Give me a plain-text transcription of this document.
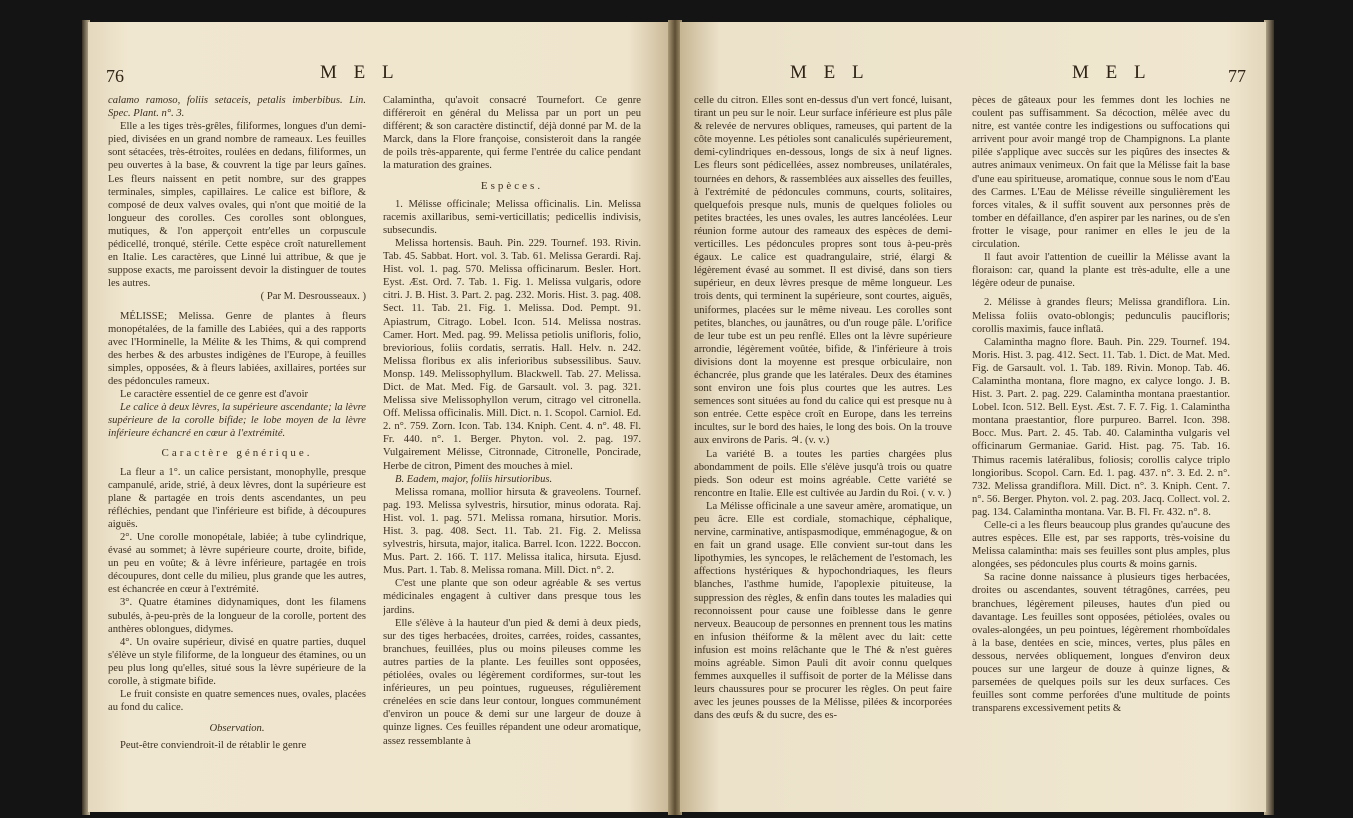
76	M E L

calamo ramoso, foliis setaceis, petalis imberbibus. Lin. Spec. Plant. n°. 3.

Elle a les tiges très-grêles, filiformes, longues d'un demi-pied, divisées en un grand nombre de rameaux. Les feuilles sont sétacées, très-étroites, roulées en dedans, filiformes, un peu ouvertes à la base, & couvrent la tige par leurs gaînes. Les fleurs naissent en petit nombre, sur des grappes terminales, simples, capillaires. Le calice est biflore, & composé de deux valves ovales, qui n'ont que moitié de la longueur des corolles. Ces corolles sont oblongues, mutiques, & l'on apperçoit entr'elles un corpuscule pédicellé, tronqué, stérile. Cette espèce croît naturellement en Italie. Les caractères, que Linné lui attribue, & que je suppose exacts, me paroissent devoir la distinguer de toutes les autres.

( Par M. Desrousseaux. )

MÉLISSE; Melissa. Genre de plantes à fleurs monopétalées, de la famille des Labiées, qui a des rapports avec l'Horminelle, la Mélite & les Thims, & qui comprend des herbes & des arbustes indigènes de l'Europe, à feuilles simples, opposées, & à fleurs labiées, axillaires, portées sur des pédoncules rameux.

Le caractère essentiel de ce genre est d'avoir

Le calice à deux lèvres, la supérieure ascendante; la lèvre supérieure de la corolle bifide; le lobe moyen de la lèvre inférieure échancré en cœur à l'extrémité.

Caractère générique.

La fleur a 1°. un calice persistant, monophylle, presque campanulé, aride, strié, à deux lèvres, dont la supérieure est plane & partagée en trois dents ascendantes, un peu réfléchies, pendant que l'inférieure est bifide, à découpures aiguës.

2°. Une corolle monopétale, labiée; à tube cylindrique, évasé au sommet; à lèvre supérieure courte, droite, bifide, un peu en voûte; & à lèvre inférieure, partagée en trois découpures, dont celle du milieu, plus grande que les autres, est échancrée en cœur à l'extrémité.

3°. Quatre étamines didynamiques, dont les filamens subulés, à-peu-près de la longueur de la corolle, portent des anthères oblongues, didymes.

4°. Un ovaire supérieur, divisé en quatre parties, duquel s'élève un style filiforme, de la longueur des étamines, ou un peu plus long qu'elles, situé sous la lèvre supérieure de la corolle, à stigmate bifide.

Le fruit consiste en quatre semences nues, ovales, placées au fond du calice.

Observation.

Peut-être conviendroit-il de rétablir le genre

Calamintha, qu'avoit consacré Tournefort. Ce genre différeroit en général du Melissa par un port un peu différent; & son caractère distinctif, déjà donné par M. de la Marck, dans la Flore françoise, consisteroit dans la rangée de poils très-apparente, qui ferme l'entrée du calice pendant la maturation des graines.

Espèces.

1. Mélisse officinale; Melissa officinalis. Lin. Melissa racemis axillaribus, semi-verticillatis; pedicellis indivisis, subsecundis.

Melissa hortensis. Bauh. Pin. 229. Tournef. 193. Rivin. Tab. 45. Sabbat. Hort. vol. 3. Tab. 61. Melissa Gerardi. Raj. Hist. vol. 1. pag. 570. Melissa officinarum. Besler. Hort. Eyst. Æst. Ord. 7. Tab. 1. Fig. 1. Melissa vulgaris, odore citri. J. B. Hist. 3. Part. 2. pag. 232. Moris. Hist. 3. pag. 408. Sect. 11. Tab. 21. Fig. 1. Melissa. Dod. Pempt. 91. Apiastrum, Citrago. Lobel. Icon. 514. Melissa nostras. Camer. Hort. Med. pag. 99. Melissa petiolis unifloris, folio, breviorious, foliis cordatis, serratis. Hall. Helv. n. 242. Melissa floribus ex alis inferioribus subsessilibus. Sauv. Monsp. 149. Melissophyllum. Blackwell. Tab. 27. Melissa. Dict. de Mat. Med. Fig. de Garsault. vol. 3. pag. 321. Melissa sive Melissophyllon verum, citrago vel citronella. Off. Melissa officinalis. Mill. Dict. n. 1. Scopol. Carniol. Ed. 2. n°. 759. Zorn. Icon. Tab. 134. Kniph. Cent. 4. n°. 48. Fl. Fr. 440. n°. 1. Berger. Phyton. vol. 2. pag. 197. Vulgairement Mélisse, Citronnade, Citronelle, Poncirade, Herbe de citron, Piment des mouches à miel.

B. Eadem, major, foliis hirsutioribus.

Melissa romana, mollior hirsuta & graveolens. Tournef. pag. 193. Melissa sylvestris, hirsutior, minus odorata. Raj. Hist. vol. 1. pag. 571. Melissa romana, hirsutior. Moris. Hist. 3. pag. 408. Sect. 11. Tab. 21. Fig. 2. Melissa sylvestris, hirsuta, major, italica. Barrel. Icon. 1222. Boccon. Mus. Part. 2. 166. T. 117. Melissa italica, hirsuta. Ejusd. Mus. Part. 1. Tab. 8. Melissa romana. Mill. Dict. n°. 2.

C'est une plante que son odeur agréable & ses vertus médicinales engagent à cultiver dans presque tous les jardins.

Elle s'élève à la hauteur d'un pied & demi à deux pieds, sur des tiges herbacées, droites, carrées, roides, cassantes, branchues, feuillées, plus ou moins pileuses comme les autres parties de la plante. Les feuilles sont opposées, pétiolées, ovales ou légèrement cordiformes, sur-tout les inférieures, un peu pointues, rugueuses, régulièrement crénelées en scie dans leur contour, longues communément d'environ un pouce & demi sur une largeur de douze à quinze lignes. Ces feuilles répandent une odeur aromatique, assez ressemblante à

M E L	M E L	77

celle du citron. Elles sont en-dessus d'un vert foncé, luisant, tirant un peu sur le noir. Leur surface inférieure est plus pâle & relevée de nervures obliques, rameuses, qui partent de la côte moyenne. Les pétioles sont canaliculés supérieurement, demi-cylindriques en-dessous, longs de six à neuf lignes. Les fleurs sont pédicellées, assez nombreuses, unilatérales, tournées en dehors, & rassemblées aux aisselles des feuilles, à l'extrémité de pédoncules communs, courts, solitaires, quelquefois presque nuls, munis de quelques folioles ou petites bractées, les unes ovales, les autres lancéolées. Leur réunion forme autour des rameaux des espèces de demi-verticilles. Les pédoncules propres sont tous à-peu-près égaux. Le calice est quadrangulaire, strié, élargi & légèrement évasé au sommet. Il est divisé, dans son tiers supérieur, en deux lèvres presque de même longueur. Les trois dents, qui terminent la supérieure, sont courtes, aiguës, uniformes, placées sur le même niveau. Les corolles sont petites, blanches, ou jaunâtres, ou d'un rouge pâle. L'orifice de leur tube est un peu renflé. Elles ont la lèvre supérieure arrondie, légèrement voûtée, bifide, & l'inférieure à trois divisions dont la moyenne est presque orbiculaire, non échancrée, plus grande que les latérales. Deux des étamines sont environ une fois plus courtes que les autres. Les semences sont situées au fond du calice qui est presque nu à son entrée. Cette espèce croît en Europe, dans les terreins incultes, sur le bord des haies, le long des bois. On la trouve aux environs de Paris. ♃. (v. v.)

La variété B. a toutes les parties chargées plus abondamment de poils. Elle s'élève jusqu'à trois ou quatre pieds. Son odeur est moins agréable. Cette variété se rencontre en Italie. Elle est cultivée au Jardin du Roi. ( v. v. )

La Mélisse officinale a une saveur amère, aromatique, un peu âcre. Elle est cordiale, stomachique, céphalique, nervine, carminative, antispasmodique, emménagogue, & on en fait un grand usage. Elle convient sur-tout dans les lipothymies, les syncopes, le relâchement de l'estomach, les affections hystériques & hypochondriaques, les fleurs blanches, l'asthme humide, l'apoplexie pituiteuse, la suppression des règles, & enfin dans toutes les maladies qui reconnoissent pour cause une foiblesse dans le genre nerveux. Beaucoup de personnes en prennent tous les matins en infusion théiforme & la mêlent avec du lait: cette infusion est moins relâchante que le Thé & n'est guères moins agréable. Simon Pauli dit avoir connu quelques femmes auxquelles il suffisoit de porter de la Mélisse dans leurs chaussures pour se procurer les règles. On peut faire avec les jeunes pousses de la Mélisse, pilées & incorporées dans des œufs & du sucre, des es-

pèces de gâteaux pour les femmes dont les lochies ne coulent pas suffisamment. Sa décoction, mêlée avec du nitre, est vantée contre les indigestions ou suffocations qui arrivent pour avoir mangé trop de Champignons. La plante pilée s'applique avec succès sur les piqûres des insectes & autres animaux venimeux. On fait que la Mélisse fait la base d'une eau spiritueuse, aromatique, connue sous le nom d'Eau des Carmes. L'Eau de Mélisse réveille singulièrement les forces vitales, & il suffit souvent aux personnes près de tomber en défaillance, d'en aspirer par les narines, ou de s'en frotter le visage, pour ranimer en elles le jeu de la circulation.

Il faut avoir l'attention de cueillir la Mélisse avant la floraison: car, quand la plante est très-adulte, elle a une légère odeur de punaise.

2. Mélisse à grandes fleurs; Melissa grandiflora. Lin. Melissa foliis ovato-oblongis; pedunculis paucifloris; corollis maximis, fauce inflatâ.

Calamintha magno flore. Bauh. Pin. 229. Tournef. 194. Moris. Hist. 3. pag. 412. Sect. 11. Tab. 1. Dict. de Mat. Med. Fig. de Garsault. vol. 1. Tab. 189. Rivin. Monop. Tab. 46. Calamintha montana, flore magno, ex calyce longo. J. B. Hist. 3. Part. 2. pag. 229. Calamintha montana praestantior. Lobel. Icon. 512. Bell. Eyst. Æst. 7. F. 7. Fig. 1. Calamintha montana praestantior, flore purpureo. Barrel. Icon. 398. Bocc. Mus. Part. 2. 45. Tab. 40. Calamintha vulgaris vel officinarum Germaniae. Garid. Hist. pag. 75. Tab. 16. Thimus racemis latéralibus, foliosis; corollis calyce triplo longioribus. Scopol. Carn. Ed. 1. pag. 437. n°. 3. Ed. 2. n°. 732. Melissa grandiflora. Mill. Dict. n°. 3. Kniph. Cent. 7. n°. 56. Berger. Phyton. vol. 2. pag. 203. Jacq. Collect. vol. 2. pag. 134. Calamintha montana. Var. B. Fl. Fr. 432. n°. 8.

Celle-ci a les fleurs beaucoup plus grandes qu'aucune des autres espèces. Elle est, par ses rapports, très-voisine du Melissa calamintha: mais ses feuilles sont plus amples, plus alongées, ses pédoncules plus courts & moins garnis.

Sa racine donne naissance à plusieurs tiges herbacées, droites ou ascendantes, souvent tétragônes, carrées, peu branchues, légèrement pileuses, hautes d'un pied ou davantage. Les feuilles sont opposées, pétiolées, ovales ou ovales-alongées, un peu pointues, légèrement rhomboïdales à la base, dentées en scie, minces, vertes, plus pâles en dessous, nervées obliquement, longues d'environ deux pouces sur une largeur de douze à quinze lignes, & parsemées de quelques poils sur les deux surfaces. Ces feuilles sont comme perforées d'une multitude de points transparens excessivement petits &
